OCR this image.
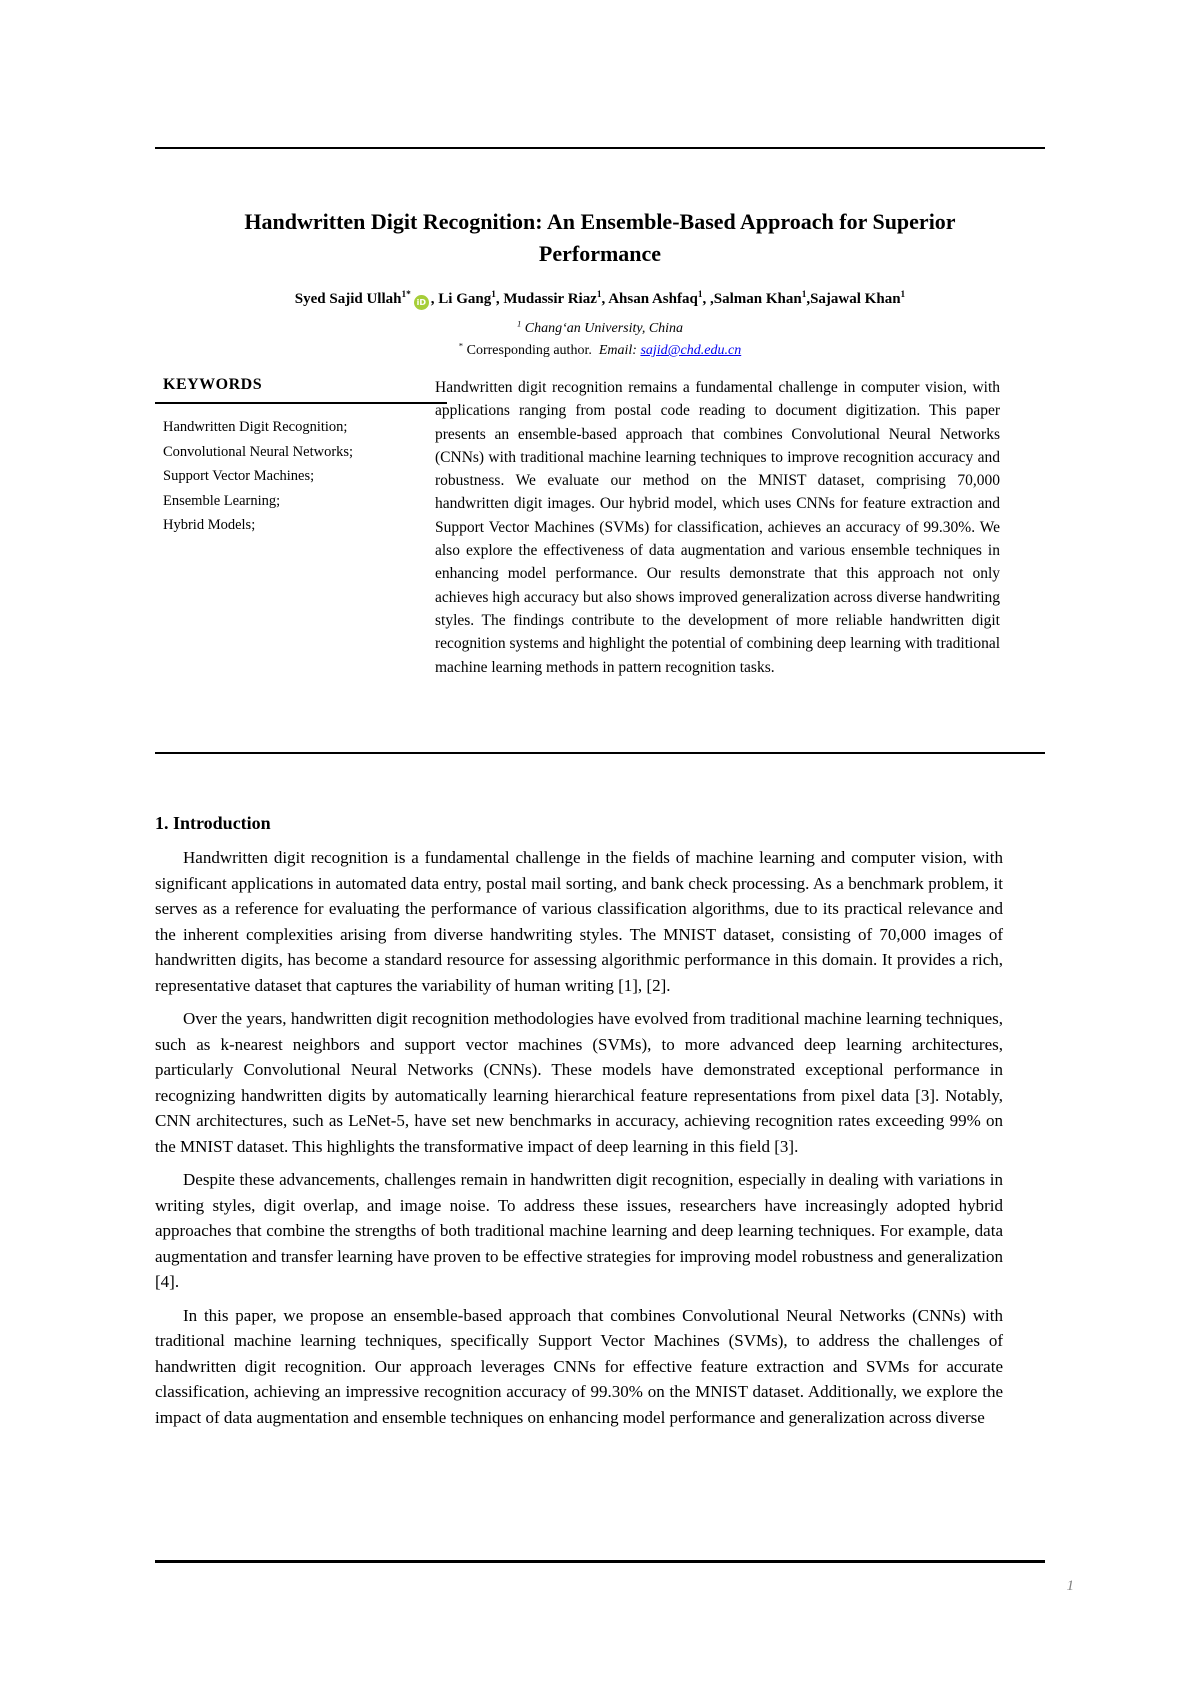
Handwritten Digit Recognition: An Ensemble-Based Approach for Superior
Performance
Syed Sajid Ullah$^{1*}$iD , Li Gang$^1$, Mudassir Riaz$^1$, Ahsan Ashfaq$^1$, ,Salman Khan$^1$,Sajawal Khan$^1$
$^1$ Chang‘an University, China
* Corresponding author. Email: sajid@chd.edu.cn
KEYWORDS
Handwritten Digit Recognition;
Convolutional Neural Networks;
Support Vector Machines;
Ensemble Learning;
Hybrid Models;
Handwritten digit recognition remains a fundamental challenge in computer vision, with applications ranging from postal code reading to document digitization. This paper presents an ensemble-based approach that combines Convolutional Neural Networks (CNNs) with traditional machine learning techniques to improve recognition accuracy and robustness. We evaluate our method on the MNIST dataset, comprising 70,000 handwritten digit images. Our hybrid model, which uses CNNs for feature extraction and Support Vector Machines (SVMs) for classification, achieves an accuracy of 99.30%. We also explore the effectiveness of data augmentation and various ensemble techniques in enhancing model performance. Our results demonstrate that this approach not only achieves high accuracy but also shows improved generalization across diverse handwriting styles. The findings contribute to the development of more reliable handwritten digit recognition systems and highlight the potential of combining deep learning with traditional machine learning methods in pattern recognition tasks.
1. Introduction

Handwritten digit recognition is a fundamental challenge in the fields of machine learning and computer vision, with significant applications in automated data entry, postal mail sorting, and bank check processing. As a benchmark problem, it serves as a reference for evaluating the performance of various classification algorithms, due to its practical relevance and the inherent complexities arising from diverse handwriting styles. The MNIST dataset, consisting of 70,000 images of handwritten digits, has become a standard resource for assessing algorithmic performance in this domain. It provides a rich, representative dataset that captures the variability of human writing [1], [2].

Over the years, handwritten digit recognition methodologies have evolved from traditional machine learning techniques, such as k-nearest neighbors and support vector machines (SVMs), to more advanced deep learning architectures, particularly Convolutional Neural Networks (CNNs). These models have demonstrated exceptional performance in recognizing handwritten digits by automatically learning hierarchical feature representations from pixel data [3]. Notably, CNN architectures, such as LeNet-5, have set new benchmarks in accuracy, achieving recognition rates exceeding 99% on the MNIST dataset. This highlights the transformative impact of deep learning in this field [3].

Despite these advancements, challenges remain in handwritten digit recognition, especially in dealing with variations in writing styles, digit overlap, and image noise. To address these issues, researchers have increasingly adopted hybrid approaches that combine the strengths of both traditional machine learning and deep learning techniques. For example, data augmentation and transfer learning have proven to be effective strategies for improving model robustness and generalization [4].

In this paper, we propose an ensemble-based approach that combines Convolutional Neural Networks (CNNs) with traditional machine learning techniques, specifically Support Vector Machines (SVMs), to address the challenges of handwritten digit recognition. Our approach leverages CNNs for effective feature extraction and SVMs for accurate classification, achieving an impressive recognition accuracy of 99.30% on the MNIST dataset. Additionally, we explore the impact of data augmentation and ensemble techniques on enhancing model performance and generalization across diverse

1
